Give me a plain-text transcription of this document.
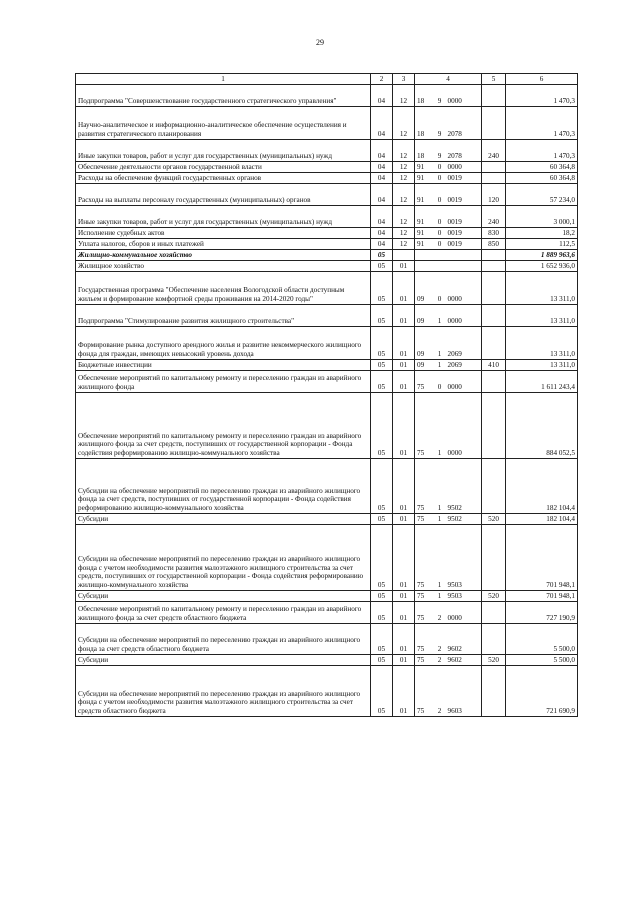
29
1	2	3	4			5	6
Подпрограмма "Совершенствование государственного стратегического управления"	04	12	18	9	0000		1 470,3
Научно-аналитическое и информационно-аналитическое обеспечение осуществления и развития стратегического планирования	04	12	18	9	2078		1 470,3
Иные закупки товаров, работ и услуг для государственных (муниципальных) нужд	04	12	18	9	2078	240	1 470,3
Обеспечение деятельности органов государственной власти	04	12	91	0	0000		60 364,8
Расходы на обеспечение функций государственных органов	04	12	91	0	0019		60 364,8
Расходы на выплаты персоналу государственных (муниципальных) органов	04	12	91	0	0019	120	57 234,0
Иные закупки товаров, работ и услуг для государственных (муниципальных) нужд	04	12	91	0	0019	240	3 000,1
Исполнение судебных актов	04	12	91	0	0019	830	18,2
Уплата налогов, сборов и иных платежей	04	12	91	0	0019	850	112,5
Жилищно-коммунальное хозяйство	05						1 889 963,6
Жилищное хозяйство	05	01					1 652 936,0
Государственная программа "Обеспечение населения Вологодской области доступным жильем и формирование комфортной среды проживания на 2014-2020 годы"	05	01	09	0	0000		13 311,0
Подпрограмма "Стимулирование развития жилищного строительства"	05	01	09	1	0000		13 311,0
Формирование рынка доступного арендного жилья и развитие некоммерческого жилищного фонда для граждан, имеющих невысокий уровень дохода	05	01	09	1	2069		13 311,0
Бюджетные инвестиции	05	01	09	1	2069	410	13 311,0
Обеспечение мероприятий по капитальному ремонту и переселению граждан из аварийного жилищного фонда	05	01	75	0	0000		1 611 243,4
Обеспечение мероприятий по капитальному ремонту и переселению граждан из аварийного жилищного фонда за счет средств, поступивших от государственной корпорации - Фонда содействия реформированию жилищно-коммунального хозяйства	05	01	75	1	0000		884 052,5
Субсидии на обеспечение мероприятий по переселению граждан из аварийного жилищного фонда за счет средств, поступивших от государственной корпорации - Фонда содействия реформированию жилищно-коммунального хозяйства	05	01	75	1	9502		182 104,4
Субсидии	05	01	75	1	9502	520	182 104,4
Субсидии на обеспечение мероприятий по переселению граждан из аварийного жилищного фонда с учетом необходимости развития малоэтажного жилищного строительства за счет средств, поступивших от государственной корпорации - Фонда содействия реформированию жилищно-коммунального хозяйства	05	01	75	1	9503		701 948,1
Субсидии	05	01	75	1	9503	520	701 948,1
Обеспечение мероприятий по капитальному ремонту и переселению граждан из аварийного жилищного фонда за счет средств областного бюджета	05	01	75	2	0000		727 190,9
Субсидии на обеспечение мероприятий по переселению граждан из аварийного жилищного фонда за счет средств областного бюджета	05	01	75	2	9602		5 500,0
Субсидии	05	01	75	2	9602	520	5 500,0
Субсидии на обеспечение мероприятий по переселению граждан из аварийного жилищного фонда с учетом необходимости развития малоэтажного жилищного строительства за счет средств областного бюджета	05	01	75	2	9603		721 690,9
